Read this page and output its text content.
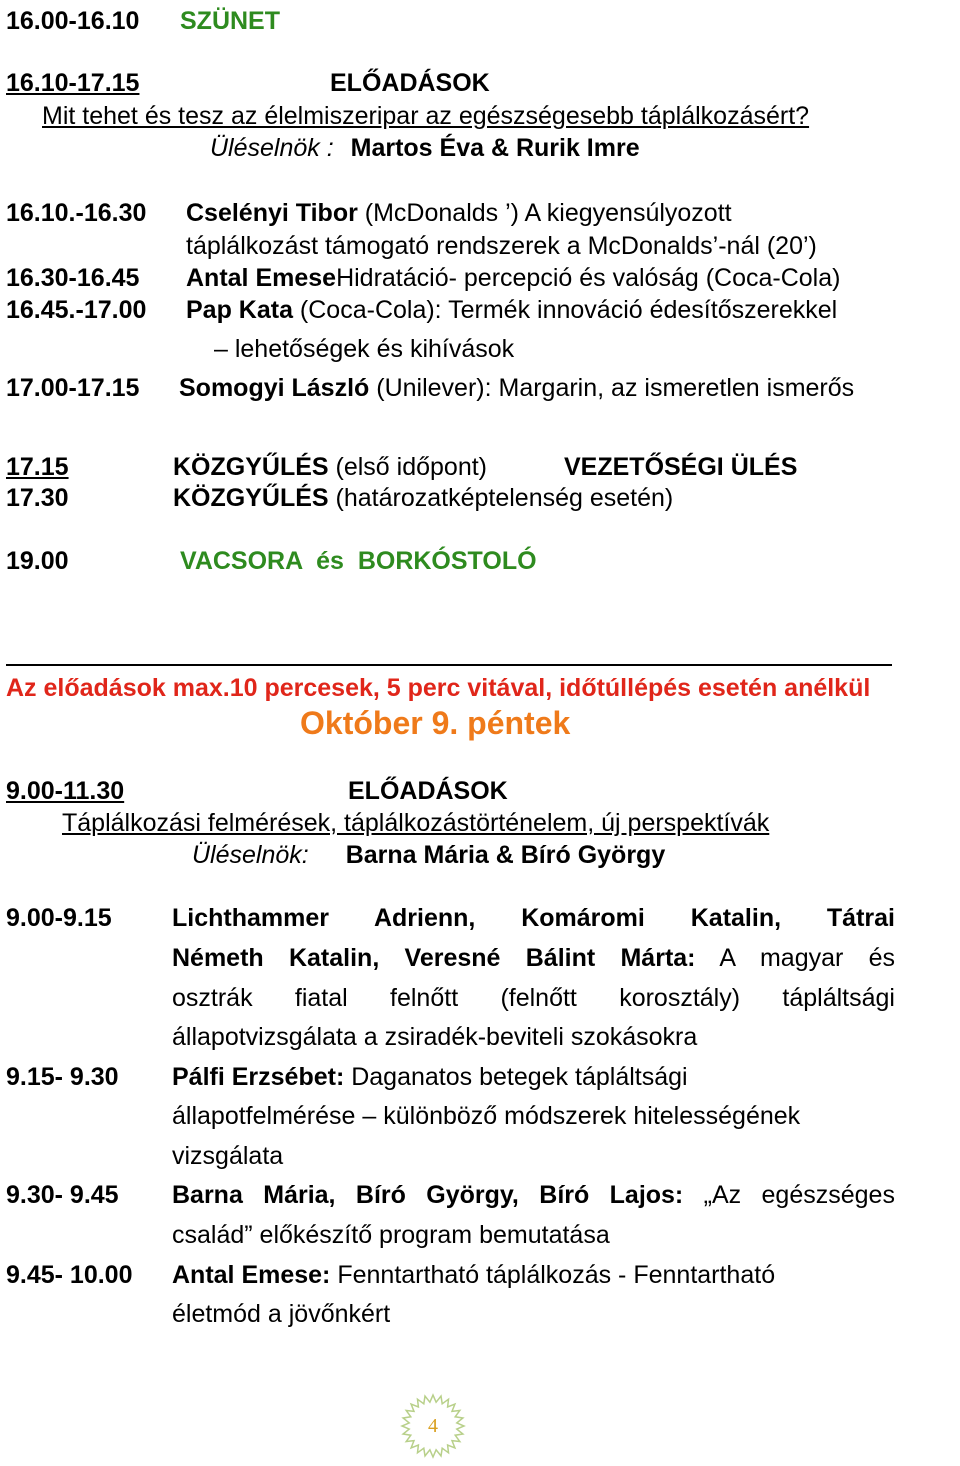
16.00-16.10 SZÜNET
16.10-17.15	ELŐADÁSOK
Mit tehet és tesz az élelmiszeripar az egészségesebb táplálkozásért?
Üléselnök : Martos Éva & Rurik Imre
16.10.-16.30 Cselényi Tibor (McDonalds ’) A kiegyensúlyozott
táplálkozást támogató rendszerek a McDonalds’-nál (20’)
16.30-16.45 Antal EmeseHidratáció- percepció és valóság (Coca-Cola)
16.45.-17.00 Pap Kata (Coca-Cola): Termék innováció édesítőszerekkel
– lehetőségek és kihívások
17.00-17.15 Somogyi László (Unilever): Margarin, az ismeretlen ismerős
17.15	KÖZGYŰLÉS (első időpont)	VEZETŐSÉGI ÜLÉS
17.30	KÖZGYŰLÉS (határozatképtelenség esetén)
19.00	VACSORA  és  BORKÓSTOLÓ
Az előadások max.10 percesek, 5 perc vitával, időtúllépés esetén anélkül
Október 9. péntek
9.00-11.30	ELŐADÁSOK
Táplálkozási felmérések, táplálkozástörténelem, új perspektívák
Üléselnök: Barna Mária & Bíró György
9.00-9.15 Lichthammer Adrienn, Komáromi Katalin, Tátrai
Németh Katalin, Veresné Bálint Márta: A magyar és
osztrák fiatal felnőtt (felnőtt korosztály) tápláltsági
állapotvizsgálata a zsiradék-beviteli szokásokra
9.15- 9.30 Pálfi Erzsébet: Daganatos betegek tápláltsági
állapotfelmérése – különböző módszerek hitelességének
vizsgálata
9.30- 9.45 Barna Mária, Bíró György, Bíró Lajos: „Az egészséges
család” előkészítő program bemutatása
9.45- 10.00 Antal Emese: Fenntartható táplálkozás - Fenntartható
életmód a jövőnkért
4
